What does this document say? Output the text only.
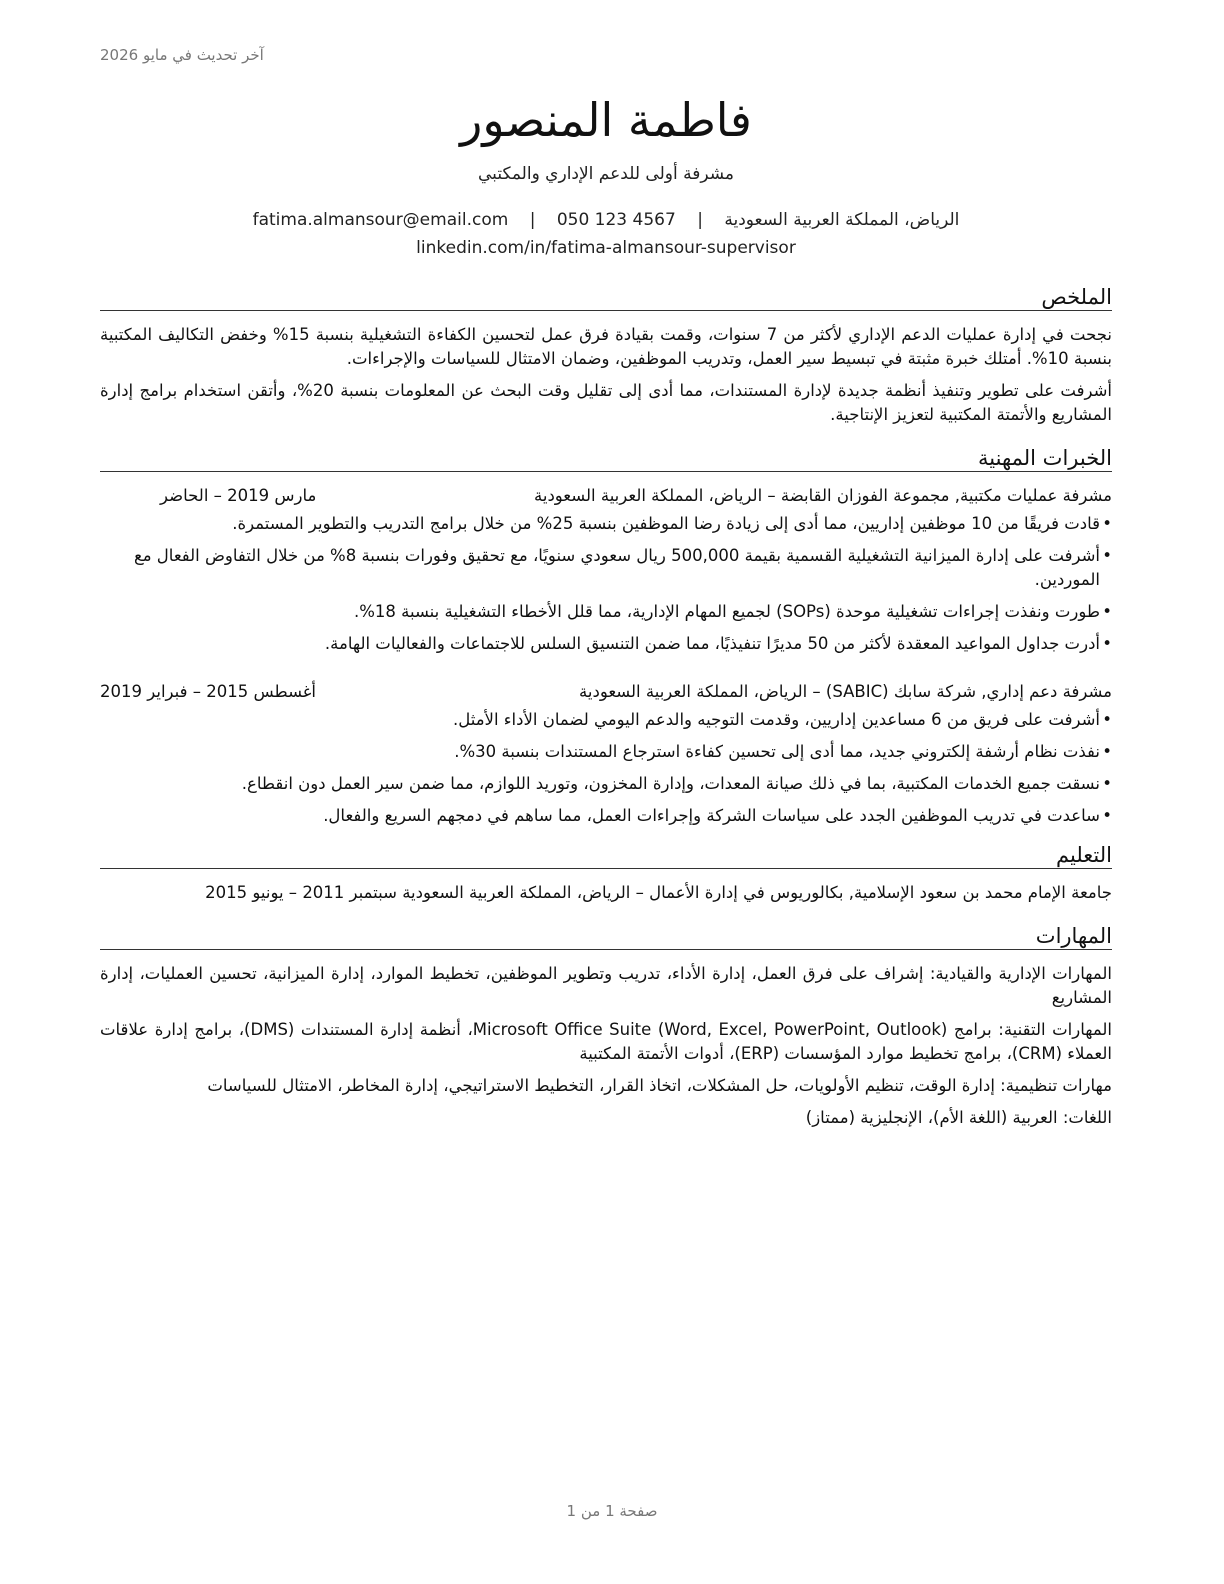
آخر تحديث في مايو 2026
فاطمة المنصور
مشرفة أولى للدعم الإداري والمكتبي
الرياض، المملكة العربية السعودية | fatima.almansour@email.com | 050 123 4567
linkedin.com/in/fatima-almansour-supervisor
الملخص

نجحت في إدارة عمليات الدعم الإداري لأكثر من 7 سنوات، وقمت بقيادة فرق عمل لتحسين الكفاءة التشغيلية بنسبة 15% وخفض التكاليف المكتبية بنسبة 10%. أمتلك خبرة مثبتة في تبسيط سير العمل، وتدريب الموظفين، وضمان الامتثال للسياسات والإجراءات.

أشرفت على تطوير وتنفيذ أنظمة جديدة لإدارة المستندات، مما أدى إلى تقليل وقت البحث عن المعلومات بنسبة 20%، وأتقن استخدام برامج إدارة المشاريع والأتمتة المكتبية لتعزيز الإنتاجية.

الخبرات المهنية
مشرفة عمليات مكتبية, مجموعة الفوزان القابضة – الرياض، المملكة العربية السعودية
مارس 2019 – الحاضر
• قادت فريقًا من 10 موظفين إداريين، مما أدى إلى زيادة رضا الموظفين بنسبة 25% من خلال برامج التدريب والتطوير المستمرة.
• أشرفت على إدارة الميزانية التشغيلية القسمية بقيمة 500,000 ريال سعودي سنويًا، مع تحقيق وفورات بنسبة 8% من خلال التفاوض الفعال مع الموردين.
• طورت ونفذت إجراءات تشغيلية موحدة (SOPs) لجميع المهام الإدارية، مما قلل الأخطاء التشغيلية بنسبة 18%.
• أدرت جداول المواعيد المعقدة لأكثر من 50 مديرًا تنفيذيًا، مما ضمن التنسيق السلس للاجتماعات والفعاليات الهامة.
مشرفة دعم إداري, شركة سابك (SABIC) – الرياض، المملكة العربية السعودية
أغسطس 2015 – فبراير 2019
• أشرفت على فريق من 6 مساعدين إداريين، وقدمت التوجيه والدعم اليومي لضمان الأداء الأمثل.
• نفذت نظام أرشفة إلكتروني جديد، مما أدى إلى تحسين كفاءة استرجاع المستندات بنسبة 30%.
• نسقت جميع الخدمات المكتبية، بما في ذلك صيانة المعدات، وإدارة المخزون، وتوريد اللوازم، مما ضمن سير العمل دون انقطاع.
• ساعدت في تدريب الموظفين الجدد على سياسات الشركة وإجراءات العمل، مما ساهم في دمجهم السريع والفعال.
التعليم
جامعة الإمام محمد بن سعود الإسلامية, بكالوريوس في إدارة الأعمال – الرياض، المملكة العربية السعودية سبتمبر 2011 – يونيو 2015
المهارات
المهارات الإدارية والقيادية: إشراف على فرق العمل، إدارة الأداء، تدريب وتطوير الموظفين، تخطيط الموارد، إدارة الميزانية، تحسين العمليات، إدارة المشاريع
المهارات التقنية: برامج Microsoft Office Suite (Word, Excel, PowerPoint, Outlook)، أنظمة إدارة المستندات (DMS)، برامج إدارة علاقات العملاء (CRM)، برامج تخطيط موارد المؤسسات (ERP)، أدوات الأتمتة المكتبية
مهارات تنظيمية: إدارة الوقت، تنظيم الأولويات، حل المشكلات، اتخاذ القرار، التخطيط الاستراتيجي، إدارة المخاطر، الامتثال للسياسات
اللغات: العربية (اللغة الأم)، الإنجليزية (ممتاز)
صفحة 1 من 1
